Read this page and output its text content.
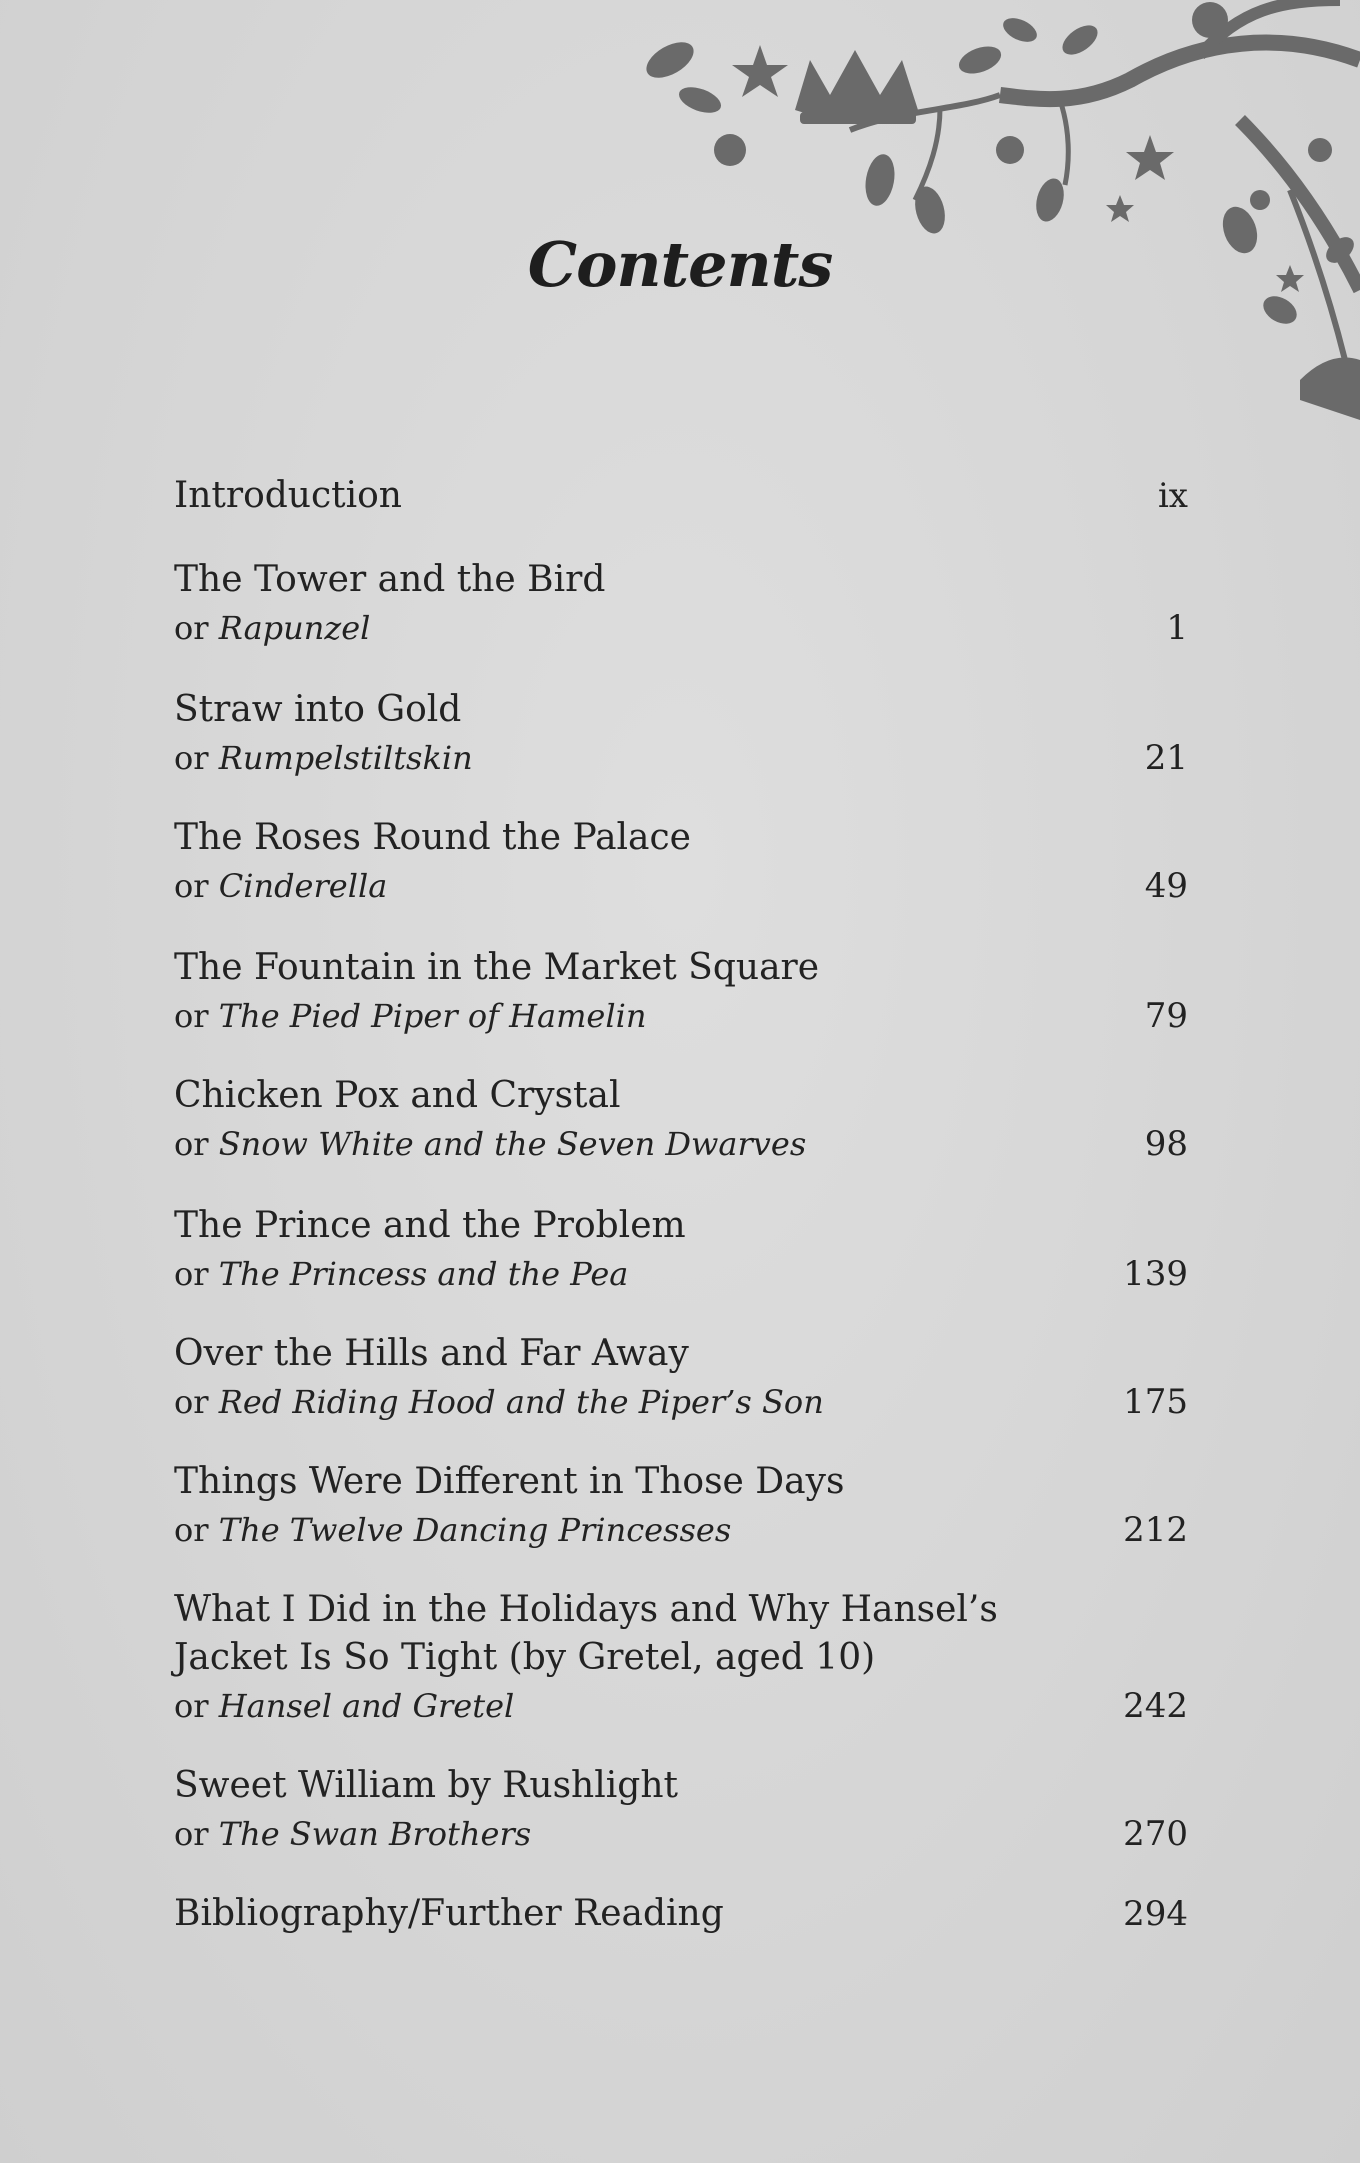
Contents
Introduction	ix
The Tower and the Bird
or Rapunzel	1
Straw into Gold
or Rumpelstiltskin	21
The Roses Round the Palace
or Cinderella	49
The Fountain in the Market Square
or The Pied Piper of Hamelin	79
Chicken Pox and Crystal
or Snow White and the Seven Dwarves	98
The Prince and the Problem
or The Princess and the Pea	139
Over the Hills and Far Away
or Red Riding Hood and the Piper’s Son	175
Things Were Different in Those Days
or The Twelve Dancing Princesses	212
What I Did in the Holidays and Why Hansel’s
Jacket Is So Tight (by Gretel, aged 10)
or Hansel and Gretel	242
Sweet William by Rushlight
or The Swan Brothers	270
Bibliography/Further Reading	294
